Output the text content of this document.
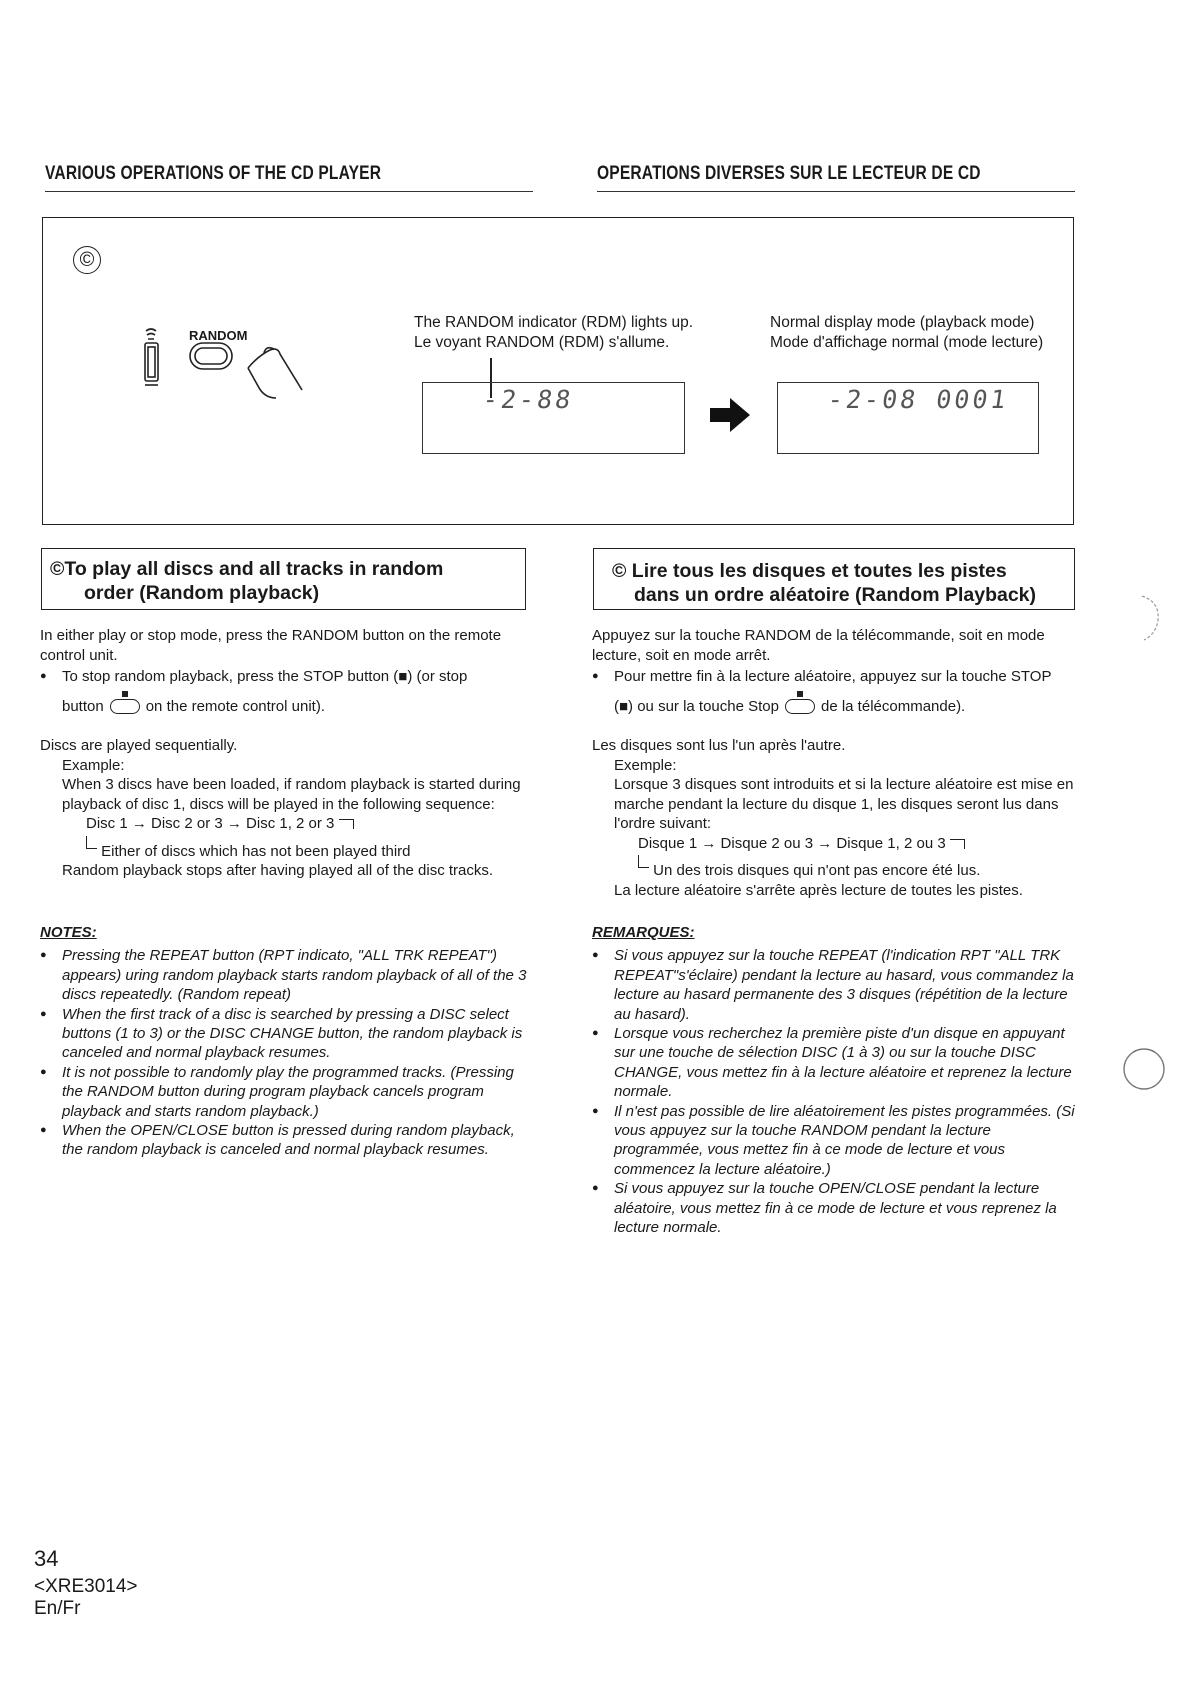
VARIOUS OPERATIONS OF THE CD PLAYER	OPERATIONS DIVERSES SUR LE LECTEUR DE CD
©
RANDOM
The RANDOM indicator (RDM) lights up.
Le voyant RANDOM (RDM) s'allume.
Normal display mode (playback mode)
Mode d'affichage normal (mode lecture)
-2-88	-2-08 0001
©To play all discs and all tracks in random
order (Random playback)
© Lire tous les disques et toutes les pistes
dans un ordre aléatoire (Random Playback)

In either play or stop mode, press the RANDOM button on the remote control unit.

● To stop random playback, press the STOP button (■) (or stop

button	on the remote control unit).

Discs are played sequentially.

Example:

When 3 discs have been loaded, if random playback is started during playback of disc 1, discs will be played in the following sequence:

Disc 1 → Disc 2 or 3 → Disc 1, 2 or 3

Either of discs which has not been played third

Random playback stops after having played all of the disc tracks.

NOTES:

● Pressing the REPEAT button (RPT indicato, "ALL TRK REPEAT") appears) uring random playback starts random playback of all of the 3 discs repeatedly. (Random repeat)

● When the first track of a disc is searched by pressing a DISC select buttons (1 to 3) or the DISC CHANGE button, the random playback is canceled and normal playback resumes.

● It is not possible to randomly play the programmed tracks. (Pressing the RANDOM button during program playback cancels program playback and starts random playback.)

● When the OPEN/CLOSE button is pressed during random playback, the random playback is canceled and normal playback resumes.

Appuyez sur la touche RANDOM de la télécommande, soit en mode lecture, soit en mode arrêt.

● Pour mettre fin à la lecture aléatoire, appuyez sur la touche STOP

(■) ou sur la touche Stop	de la télécommande).

Les disques sont lus l'un après l'autre.

Exemple:

Lorsque 3 disques sont introduits et si la lecture aléatoire est mise en marche pendant la lecture du disque 1, les disques seront lus dans l'ordre suivant:

Disque 1 → Disque 2 ou 3 → Disque 1, 2 ou 3

Un des trois disques qui n'ont pas encore été lus.

La lecture aléatoire s'arrête après lecture de toutes les pistes.

REMARQUES:

● Si vous appuyez sur la touche REPEAT (l'indication RPT "ALL TRK REPEAT"s'éclaire) pendant la lecture au hasard, vous commandez la lecture au hasard permanente des 3 disques (répétition de la lecture au hasard).

● Lorsque vous recherchez la première piste d'un disque en appuyant sur une touche de sélection DISC (1 à 3) ou sur la touche DISC CHANGE, vous mettez fin à la lecture aléatoire et reprenez la lecture normale.

● Il n'est pas possible de lire aléatoirement les pistes programmées. (Si vous appuyez sur la touche RANDOM pendant la lecture programmée, vous mettez fin à ce mode de lecture et vous commencez la lecture aléatoire.)

● Si vous appuyez sur la touche OPEN/CLOSE pendant la lecture aléatoire, vous mettez fin à ce mode de lecture et vous reprenez la lecture normale.

34
<XRE3014>
En/Fr
